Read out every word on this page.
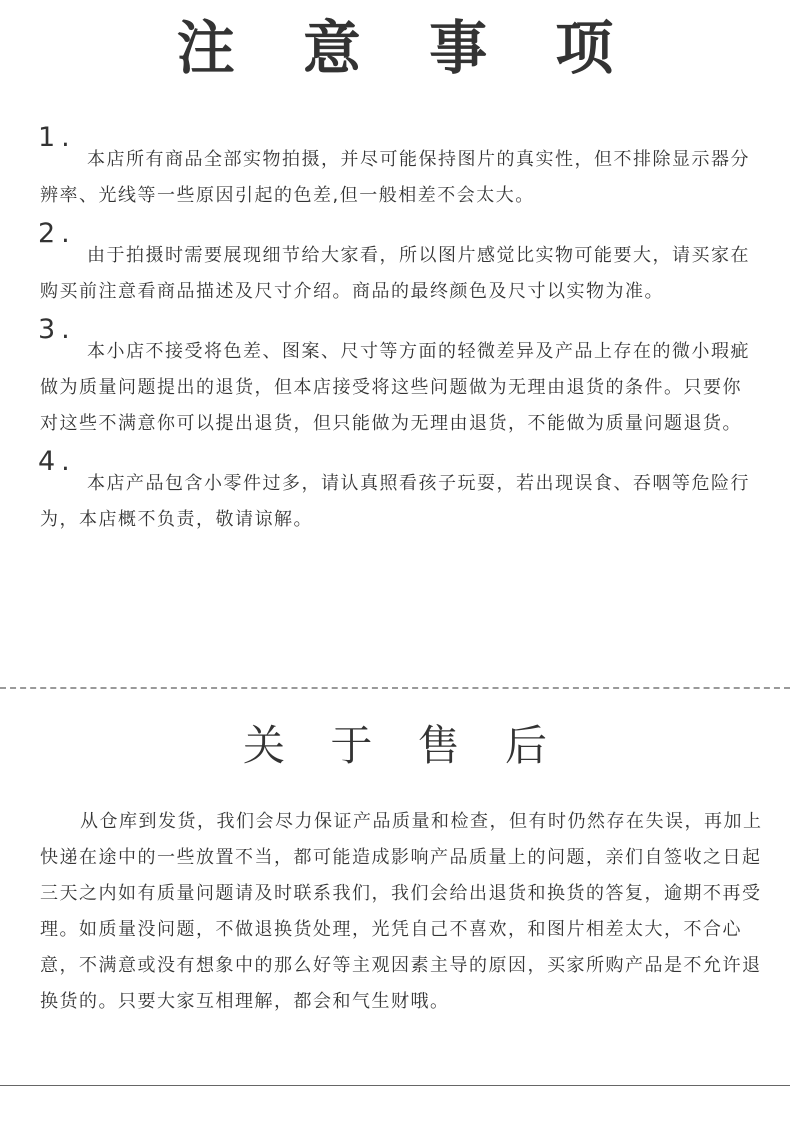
注 意 事 项
1.

本店所有商品全部实物拍摄，并尽可能保持图片的真实性，但不排除显示器分辨率、光线等一些原因引起的色差,但一般相差不会太大。

2.

由于拍摄时需要展现细节给大家看，所以图片感觉比实物可能要大，请买家在购买前注意看商品描述及尺寸介绍。商品的最终颜色及尺寸以实物为准。

3.

本小店不接受将色差、图案、尺寸等方面的轻微差异及产品上存在的微小瑕疵做为质量问题提出的退货，但本店接受将这些问题做为无理由退货的条件。只要你对这些不满意你可以提出退货，但只能做为无理由退货，不能做为质量问题退货。

4.

本店产品包含小零件过多，请认真照看孩子玩耍，若出现误食、吞咽等危险行为，本店概不负责，敬请谅解。

关 于 售 后

从仓库到发货，我们会尽力保证产品质量和检查，但有时仍然存在失误，再加上快递在途中的一些放置不当，都可能造成影响产品质量上的问题，亲们自签收之日起三天之内如有质量问题请及时联系我们，我们会给出退货和换货的答复，逾期不再受理。如质量没问题，不做退换货处理，光凭自己不喜欢，和图片相差太大，不合心意，不满意或没有想象中的那么好等主观因素主导的原因，买家所购产品是不允许退换货的。只要大家互相理解，都会和气生财哦。
